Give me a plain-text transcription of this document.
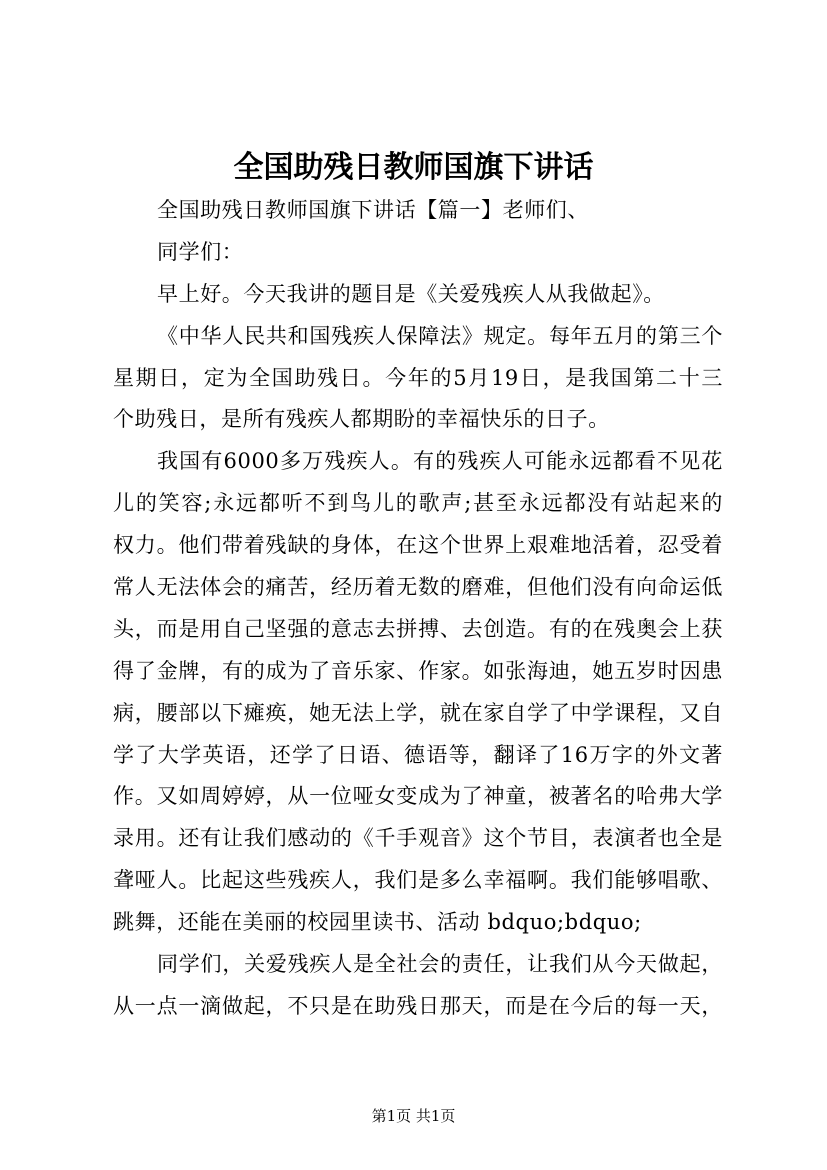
全国助残日教师国旗下讲话
全国助残日教师国旗下讲话【篇一】老师们、
同学们：
早上好。今天我讲的题目是《关爱残疾人从我做起》。
《中华人民共和国残疾人保障法》规定。每年五月的第三个
星期日，定为全国助残日。今年的5月19日，是我国第二十三
个助残日，是所有残疾人都期盼的幸福快乐的日子。
我国有6000多万残疾人。有的残疾人可能永远都看不见花
儿的笑容;永远都听不到鸟儿的歌声;甚至永远都没有站起来的
权力。他们带着残缺的身体，在这个世界上艰难地活着，忍受着
常人无法体会的痛苦，经历着无数的磨难，但他们没有向命运低
头，而是用自己坚强的意志去拼搏、去创造。有的在残奥会上获
得了金牌，有的成为了音乐家、作家。如张海迪，她五岁时因患
病，腰部以下瘫痪，她无法上学，就在家自学了中学课程，又自
学了大学英语，还学了日语、德语等，翻译了16万字的外文著
作。又如周婷婷，从一位哑女变成为了神童，被著名的哈弗大学
录用。还有让我们感动的《千手观音》这个节目，表演者也全是
聋哑人。比起这些残疾人，我们是多么幸福啊。我们能够唱歌、
跳舞，还能在美丽的校园里读书、活动 bdquo;bdquo;
同学们，关爱残疾人是全社会的责任，让我们从今天做起，
从一点一滴做起，不只是在助残日那天，而是在今后的每一天，
第1页 共1页
